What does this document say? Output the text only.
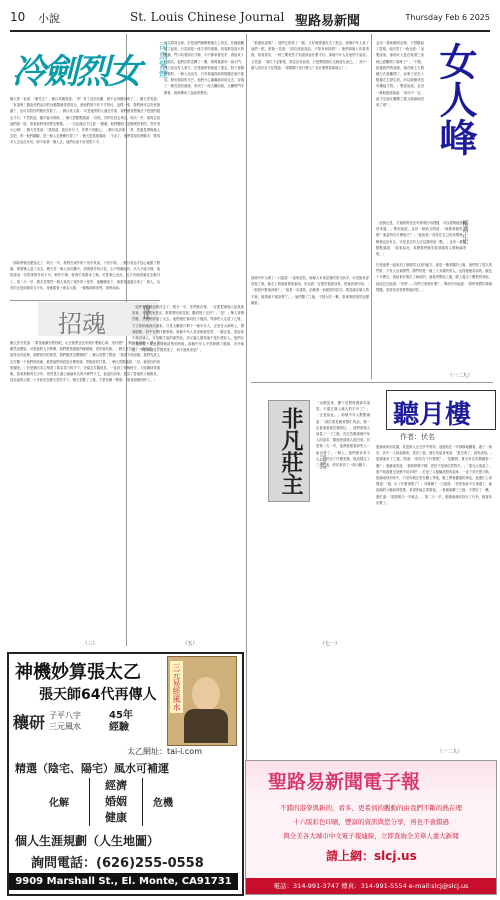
10 小說	St. Louis Chinese Journal 聖路易新聞	Thursday Feb 6 2025
冷劍烈女 司馬紫煙
劉天雲一怔道：「劉先生？」劉月英嬌笑道：「爹！有了這份計劃，就不必再費周章了。」劉天雲笑道：「有道理！聽說你們這次的計劃籌備得很周全，連他們都不好下手對付，這樣一來，我們就可以安枕無憂了，也可以替你們報仇雪恨了。」劉月英又道：「可是他們的人還在外面，我們總得想個法子把他們趕走才行，不然的話，遲早會出事情。」劉天雲點點頭道：「好吧，你們先回去休息，明天一早，我再去找他們談一談，看看他們到底想怎麼樣。」一名壯漢忍不住道：「劉爺，他們擺明了是衝著您來的，您可得小心啊！」劉天雲笑道：「我知道，我自有分寸，你們不用擔心。」劉月英卻道：「爹，您還是帶幾個人去吧，萬一他們翻臉，您一個人怎麼應付得了？」劉天雲搖搖頭道：「不必了，他們要是真想動手，帶再多人去也沒有用，倒不如我一個人去，他們反而不好意思下手。」
「那我們就這麼說定了，明天一早，我們在城外的十里亭見面，不見不散。」劉月英這才放心地點了點頭，帶著眾人退了出去。劉天雲一個人坐在廳中，望著窗外的月色，心中思潮起伏，久久不能平靜。他知道這一次的事情非同小可，稍有不慎，就會引來殺身之禍，可是事已至此，也只有硬著頭皮去應付了。第二天一早，劉天雲果然一個人來到了城外的十里亭，他剛剛坐下，就看見遠處走來了一群人，為首的正是那個青衣少年，身後跟著十幾名大漢，一個個神情凶悍，來勢洶洶。
招魂	倪匡
劉天雲冷笑道：「要找就讓你們找吧，反正我們也沒有做什麼虧心事，怕什麼？」劉月英卻道：「爹，話雖然這麼說，可是他們人多勢眾，我們要是跟他們硬碰硬，恐怕會吃虧。」劉天雲沉吟了一會兒道：「你說得也有道理，那麼依你的意思，我們應該怎麼辦呢？」劉月英想了想道：「我看不如這樣，我們先派人去打聽一下他們的底細，看看他們到底是什麼來頭，然後再作打算。」劉天雲點頭道：「好，就依你的意思辦吧。」於是劉月英立刻派了幾名得力的手下，分頭去打聽消息，一直到了傍晚時分，才陸續回來稟報。原來那個青衣少年，竟然是江湖上赫赫有名的冷劍門少主，他這次前來，是為了替他的父親報仇，因為他的父親二十年前死在劉天雲的手下。劉天雲聽了之後，不禁長嘆一聲道：「冤冤相報何時了。」
（三）
可以看到全部，於是他們就輕輕地走上前去，仔細地觀察了起來，只見那是一座古老的建築，四周都是高大的圍牆，門口站著兩名守衛，手中都拿著長矛，看起來十分威武。他們在附近轉了一圈，發現後面有一扇小門，門口並沒有人看守，於是便悄悄地溜了進去。院子裡靜悄悄的，一個人也沒有，只有幾盞昏暗的燈籠在風中搖晃，發出微弱的光芒。他們小心翼翼地向前走去，穿過了一條長長的迴廊，來到了一座大廳前面，大廳的門半開著，裡面傳來了說話的聲音。
「這件事情就這樣決定了，明天一早，你們就出發，一定要把那個人給我抓回來，不管是死是活，都要帶回來見我，聽清楚了沒有？」「是！」眾人齊聲答應，然後紛紛退了出去。他們連忙躲到柱子後面，等那些人走遠了之後，才又悄悄地探出頭來，只見大廳裡只剩下一個中年人，正坐在太師椅上，閉著眼睛，似乎在想什麼事情。那個中年人長得相貌堂堂，一臉正氣，看起來不像是壞人，可是剛才說的那些話，卻又讓人覺得他不是什麼好人。他們正在猶豫要不要進去問個清楚的時候，那個中年人突然睜開了眼睛，冷冷地道：「外面的朋友，既然來了，何不進來坐坐？」
（五）
非凡莊主	司馬
「那還用說嗎？」他們互相看了一眼，只好硬著頭皮走了進去。那個中年人看了他們一眼，微微一笑道：「兩位深夜造訪，不知有何指教？」他們兩個人你看看我，我看看你，一時之間竟然不知道該說什麼才好。那個中年人見他們不說話，又笑道：「兩位不必緊張，我並沒有惡意，只是想跟兩位交個朋友而已。」其中一個人終於忍不住問道：「請問閣下是什麼人？為什麼要抓那個人？」
那個中年人嘆了一口氣道：「說來話長，那個人本來是我的得力助手，可是後來卻背叛了我，偷走了我最重要的東西，所以我一定要把他抓回來，把東西拿回來。」「那是什麼東西呢？」「那是一本祕笈，記載著一套絕世的武功，要是落在壞人的手裡，後果就不堪設想了。」他們聽了之後，不禁大吃一驚，原來事情竟然這麼嚴重。
「這麼說來，閣下是想保護那本祕笈，不讓它落入壞人的手中了？」「正是如此。」那個中年人點點頭道：「兩位要是願意幫忙的話，我一定會重重地答謝兩位。」他們兩個人商量了一下之後，決定答應那個中年人的請求，幫他把那個人抓回來。於是第二天一早，他們就跟著那些人一起出發了。一路上，他們都非常小心，生怕出了什麼差錯，就這樣走了三天三夜，終於來到了一座山腳下。
（七一）
金田一耕助聽到這裡，不禁皺起了眉頭，他沉思了一會兒道：「這麼說來，那個女人是在案發之前就已經離開了那裡了？」「不錯，根據我們的調查，她在晚上九點鐘左右就離開了，而案子是在十點鐘左右發生的，所以她應該沒有嫌疑才對。」警部說道。金田一耕助搖搖頭道：「那可不一定，說不定她在離開之後又偷偷地回來了呢？」	女人峰
橫溝正史
「這倒也是，不過我們並沒有發現任何證據，可以證明她曾經回來過。」警部說道。金田一耕助又問道：「那麼那個男人呢？他當時在什麼地方？」「他說他一直待在自己的房間裡，哪裡也沒有去，可是並沒有人可以證明這一點。」金田一耕助點點頭道：「原來如此，那麼我們就先從那個男人開始調查吧。」
於是他們一起來到了那個男人住的地方，那是一棟老舊的公寓，他們按了很久的門鈴，才有人出來開門。開門的是一個三十多歲的男人，長得瘦瘦高高的，臉色十分蒼白，看起來好像生了病似的。他看到警部之後，臉上露出了驚慌的神色，結結巴巴地道：「你們……你們又來做什麼？」警部冷冷地道：「我們來問你幾個問題，希望你老老實實地回答。」
（一二九）
聽月樓
作者：伏名
夏鎮東來到花園，見是兩人正在亭中對弈，他便站在一旁靜靜地觀看。過了一會兒，其中一人抬起頭來，看見了他，連忙站起身來道：「夏兄來了，請坐請坐。」夏鎮東坐下之後，問道：「兩位在下什麼棋？」「是圍棋，夏兄有沒有興趣來一盤？」夏鎮東笑道：「我的棋藝不精，恐怕不是兩位的對手。」「夏兄太客氣了，誰不知道夏兄是棋中高手呢？」於是三人便輪流對弈起來，一直下到天黑才散。夏鎮東回到家中，只見母親正坐在廳上等他，臉上帶著憂慮的神色，他連忙上前問道：「娘，出了什麼事情了？」母親嘆了一口氣道：「你的表妹今天來過了，她說她的父親病得很重，希望你能去看看他。」夏鎮東聽了之後，不禁吃了一驚，連忙道：「那我明天一早就去。」第二天一早，夏鎮東就收拾好了行李，騎著馬出發了。
（一二九）
神機妙算張太乙
張天師64代再傳人
穰研 子平八字
三元風水
45年
經驗
三元易經風水
太乙網址：tai-i.com
精選（陰宅、陽宅）風水可補運
化解
經濟
婚姻
健康
危機
個人生涯規劃（人生地圖）
詢問電話：(626)255-0558
9909 Marshall St., El. Monte, CA91731
聖路易新聞電子報
不錯的港學與新的，看多、更希到的觀動的由我們不斷的熱在理
十六版彩色印刷，豐富的資訊與您分享，再也不會錯過
與全美各大城市中文電子報連線，立即查詢全美華人重大新聞
請上網：slcj.us
電話：314-991-3747 傳真：314-991-5554 e-mail:slcj@slcj.us
